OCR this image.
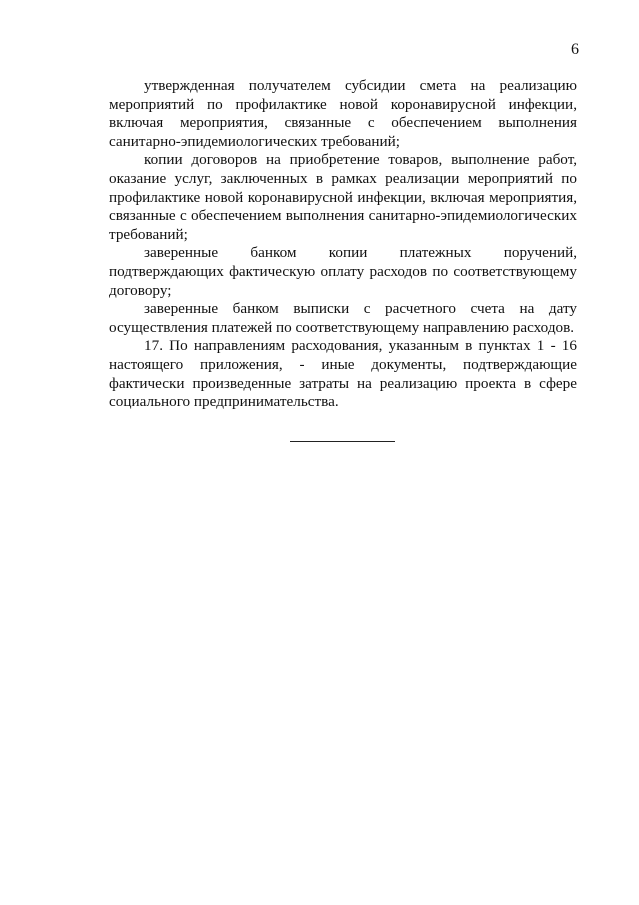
6

утвержденная получателем субсидии смета на реализацию мероприятий по профилактике новой коронавирусной инфекции, включая мероприятия, связанные с обеспечением выполнения санитарно-эпидемиологических требований;

копии договоров на приобретение товаров, выполнение работ, оказание услуг, заключенных в рамках реализации мероприятий по профилактике новой коронавирусной инфекции, включая мероприятия, связанные с обеспечением выполнения санитарно-эпидемиологических требований;

заверенные банком копии платежных поручений, подтверждающих фактическую оплату расходов по соответствующему договору;

заверенные банком выписки с расчетного счета на дату осуществления платежей по соответствующему направлению расходов.

17. По направлениям расходования, указанным в пунктах 1 - 16 настоящего приложения, - иные документы, подтверждающие фактически произведенные затраты на реализацию проекта в сфере социального предпринимательства.
